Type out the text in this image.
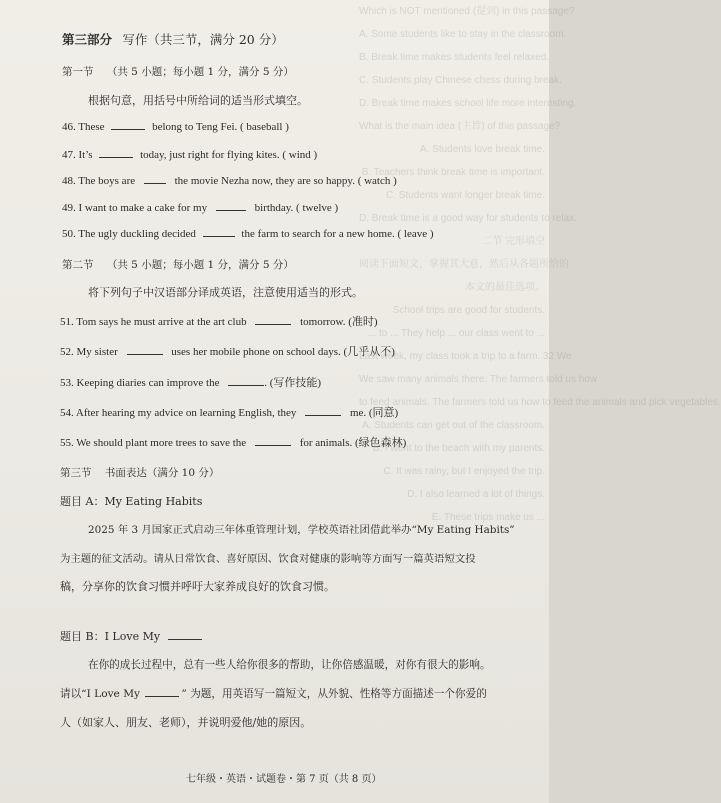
Which is NOT mentioned (提到) in this passage?
A. Some students like to stay in the classroom.
B. Break time makes students feel relaxed.
C. Students play Chinese chess during break.
D. Break time makes school life more interesting.
What is the main idea (主旨) of this passage?
A. Students love break time.
B. Teachers think break time is important.
C. Students want longer break time.
D. Break time is a good way for students to relax.
二节 完形填空
阅读下面短文，掌握其大意，然后从各题所给的
本文的最佳选项。
School trips are good for students.
... to ... They help ... our class went to ...
Last week, my class took a trip to a farm. 32 We
We saw many animals there. The farmers told us how
to feed animals. The farmers told us how to feed the animals and pick vegetables.
A. Students can get out of the classroom.
B. I went to the beach with my parents.
C. It was rainy, but I enjoyed the trip.
D. I also learned a lot of things.
E. These trips make us ...
第三部分 写作（共三节，满分 20 分）
第一节 （共 5 小题；每小题 1 分，满分 5 分）
根据句意，用括号中所给词的适当形式填空。
46. These	belong to Teng Fei. ( baseball )
47. It’s	today, just right for flying kites. ( wind )
48. The boys are	the movie Nezha now, they are so happy. ( watch )
49. I want to make a cake for my	birthday. ( twelve )
50. The ugly duckling decided	the farm to search for a new home. ( leave )
第二节 （共 5 小题；每小题 1 分，满分 5 分）
将下列句子中汉语部分译成英语，注意使用适当的形式。
51. Tom says he must arrive at the art club	tomorrow. (准时)
52. My sister	uses her mobile phone on school days. (几乎从不)
53. Keeping diaries can improve the	. (写作技能)
54. After hearing my advice on learning English, they	me. (同意)
55. We should plant more trees to save the	for animals. (绿色森林)
第三节 书面表达（满分 10 分）
题目 A：My Eating Habits
2025 年 3 月国家正式启动三年体重管理计划，学校英语社团借此举办“My Eating Habits”
为主题的征文活动。请从日常饮食、喜好原因、饮食对健康的影响等方面写一篇英语短文投
稿，分享你的饮食习惯并呼吁大家养成良好的饮食习惯。
题目 B：I Love My
在你的成长过程中，总有一些人给你很多的帮助，让你倍感温暖，对你有很大的影响。
请以“I Love My	” 为题，用英语写一篇短文，从外貌、性格等方面描述一个你爱的
人（如家人、朋友、老师），并说明爱他/她的原因。
七年级・英语・试题卷・第 7 页（共 8 页）
